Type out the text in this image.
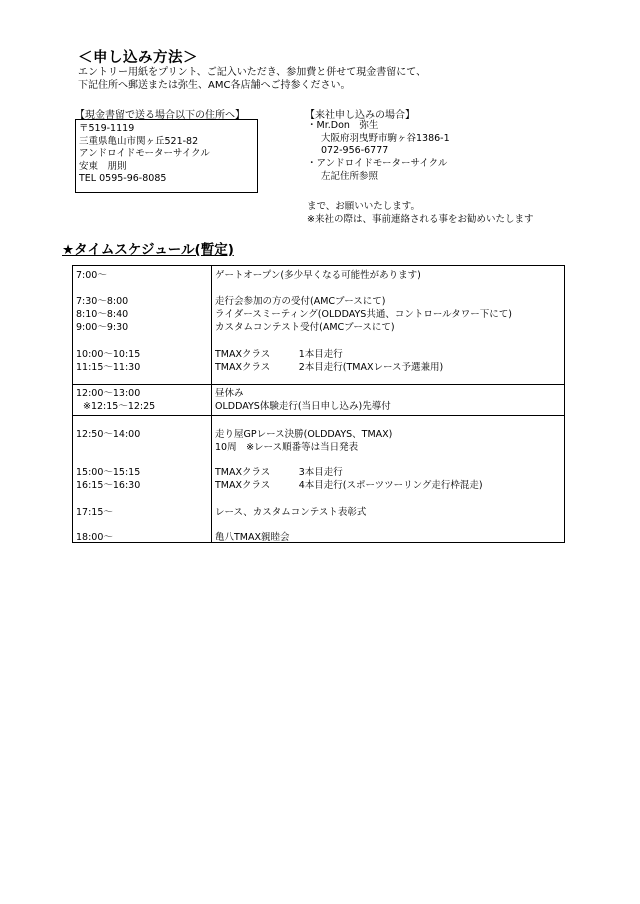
＜申し込み方法＞
エントリー用紙をプリント、ご記入いただき、参加費と併せて現金書留にて、
下記住所へ郵送または弥生、AMC各店舗へご持参ください。
【現金書留で送る場合以下の住所へ】
〒519-1119
三重県亀山市関ヶ丘521-82
アンドロイドモーターサイクル
安東　朋則
TEL 0595-96-8085
【来社申し込みの場合】
・Mr.Don　弥生
大阪府羽曳野市駒ヶ谷1386-1
072-956-6777
・アンドロイドモーターサイクル
左記住所参照
まで、お願いいたします。
※来社の際は、事前連絡される事をお勧めいたします
★タイムスケジュール(暫定)
7:00～	ゲートオープン(多少早くなる可能性があります)
7:30～8:00	走行会参加の方の受付(AMCブースにて)
8:10～8:40	ライダースミーティング(OLDDAYS共通、コントロールタワー下にて)
9:00～9:30	カスタムコンテスト受付(AMCブースにて)
10:00～10:15	TMAXクラス　　　1本目走行
11:15～11:30	TMAXクラス　　　2本目走行(TMAXレース予選兼用)
12:00～13:00	昼休み
※12:15～12:25	OLDDAYS体験走行(当日申し込み)先導付
12:50～14:00	走り屋GPレース決勝(OLDDAYS、TMAX)
10周　※レース順番等は当日発表
15:00～15:15	TMAXクラス　　　3本目走行
16:15～16:30	TMAXクラス　　　4本目走行(スポーツツーリング走行枠混走)
17:15～	レース、カスタムコンテスト表彰式
18:00～	亀八TMAX親睦会
